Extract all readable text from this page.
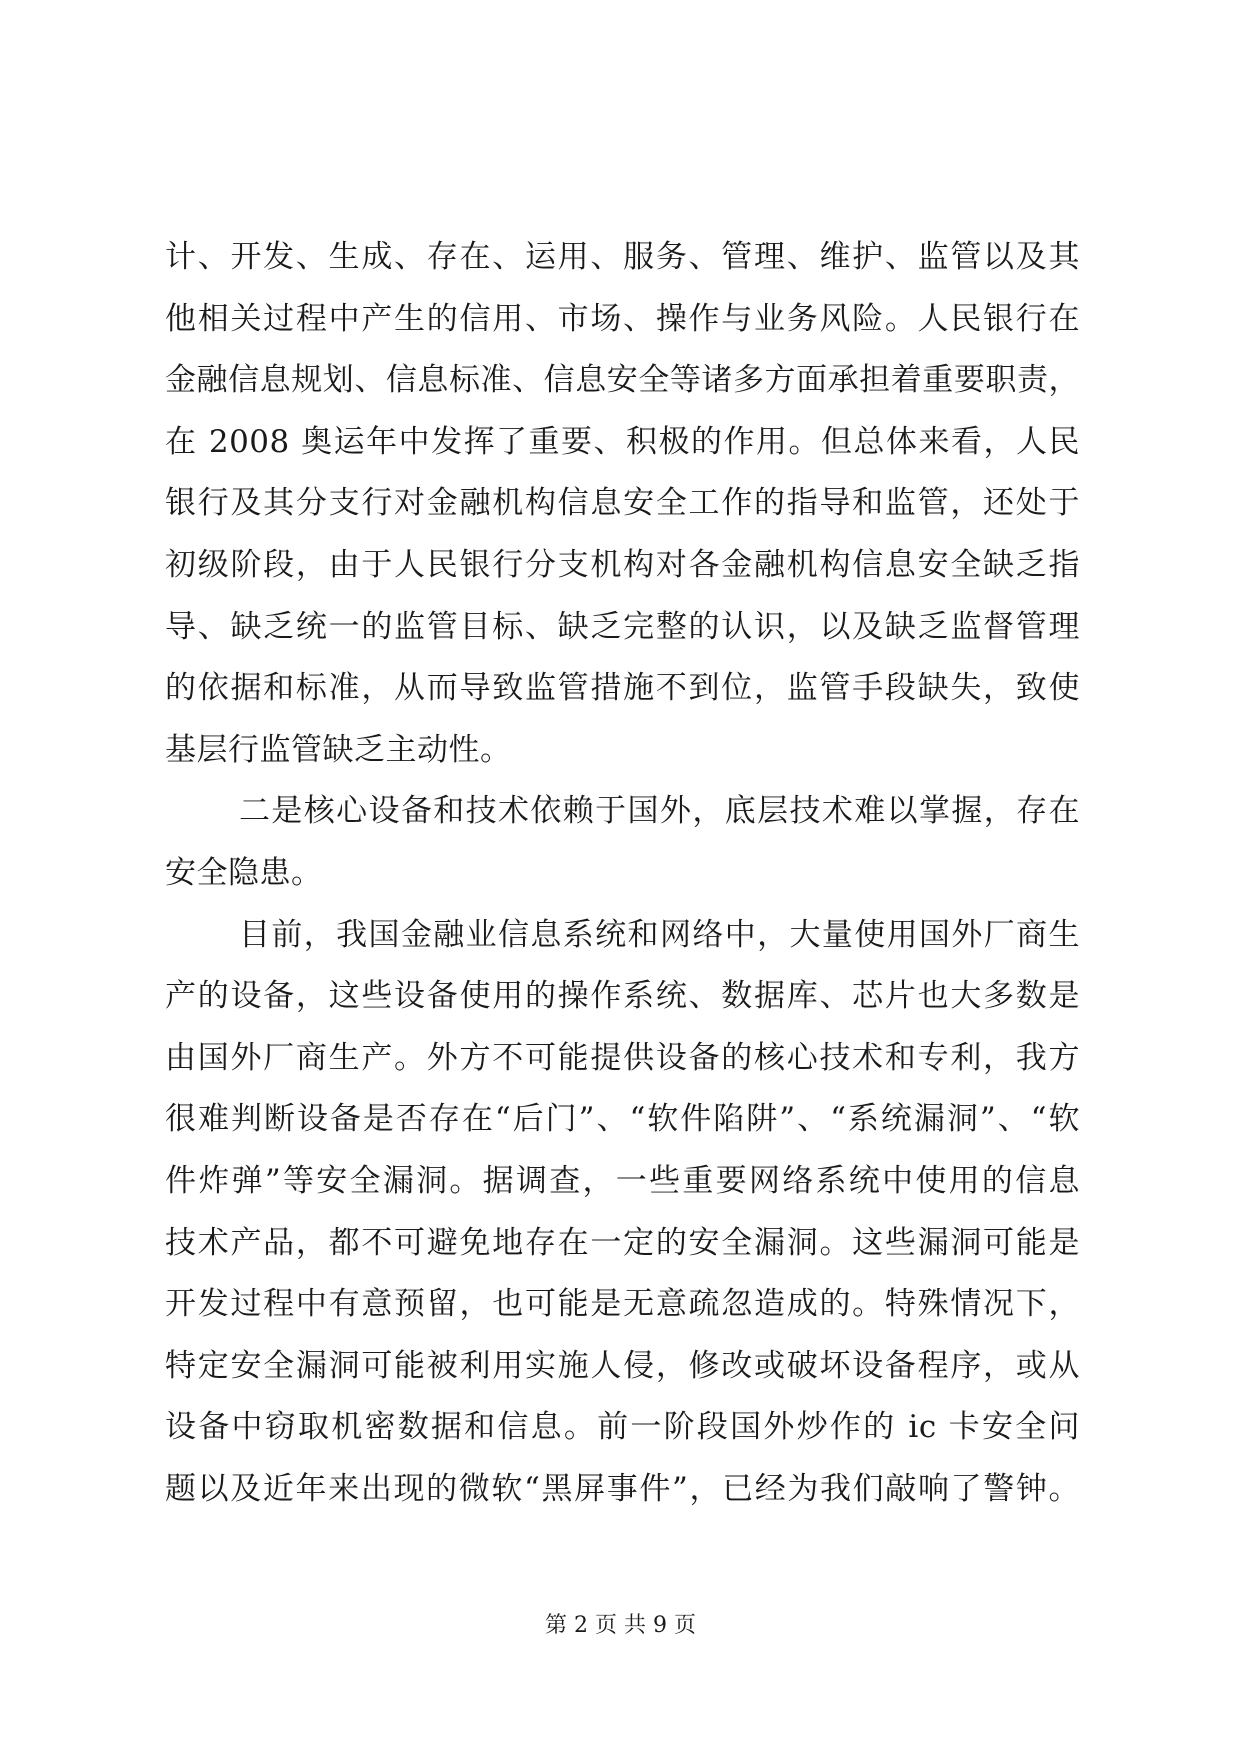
计、开发、生成、存在、运用、服务、管理、维护、监管以及其
他相关过程中产生的信用、市场、操作与业务风险。人民银行在
金融信息规划、信息标准、信息安全等诸多方面承担着重要职责，
在 2008 奥运年中发挥了重要、积极的作用。但总体来看，人民
银行及其分支行对金融机构信息安全工作的指导和监管，还处于
初级阶段，由于人民银行分支机构对各金融机构信息安全缺乏指
导、缺乏统一的监管目标、缺乏完整的认识，以及缺乏监督管理
的依据和标准，从而导致监管措施不到位，监管手段缺失，致使
基层行监管缺乏主动性。
二是核心设备和技术依赖于国外，底层技术难以掌握，存在
安全隐患。
目前，我国金融业信息系统和网络中，大量使用国外厂商生
产的设备，这些设备使用的操作系统、数据库、芯片也大多数是
由国外厂商生产。外方不可能提供设备的核心技术和专利，我方
很难判断设备是否存在“后门”、“软件陷阱”、“系统漏洞”、“软
件炸弹”等安全漏洞。据调查，一些重要网络系统中使用的信息
技术产品，都不可避免地存在一定的安全漏洞。这些漏洞可能是
开发过程中有意预留，也可能是无意疏忽造成的。特殊情况下，
特定安全漏洞可能被利用实施人侵，修改或破坏设备程序，或从
设备中窃取机密数据和信息。前一阶段国外炒作的 ic 卡安全问
题以及近年来出现的微软“黑屏事件”，已经为我们敲响了警钟。
第 2 页 共 9 页
